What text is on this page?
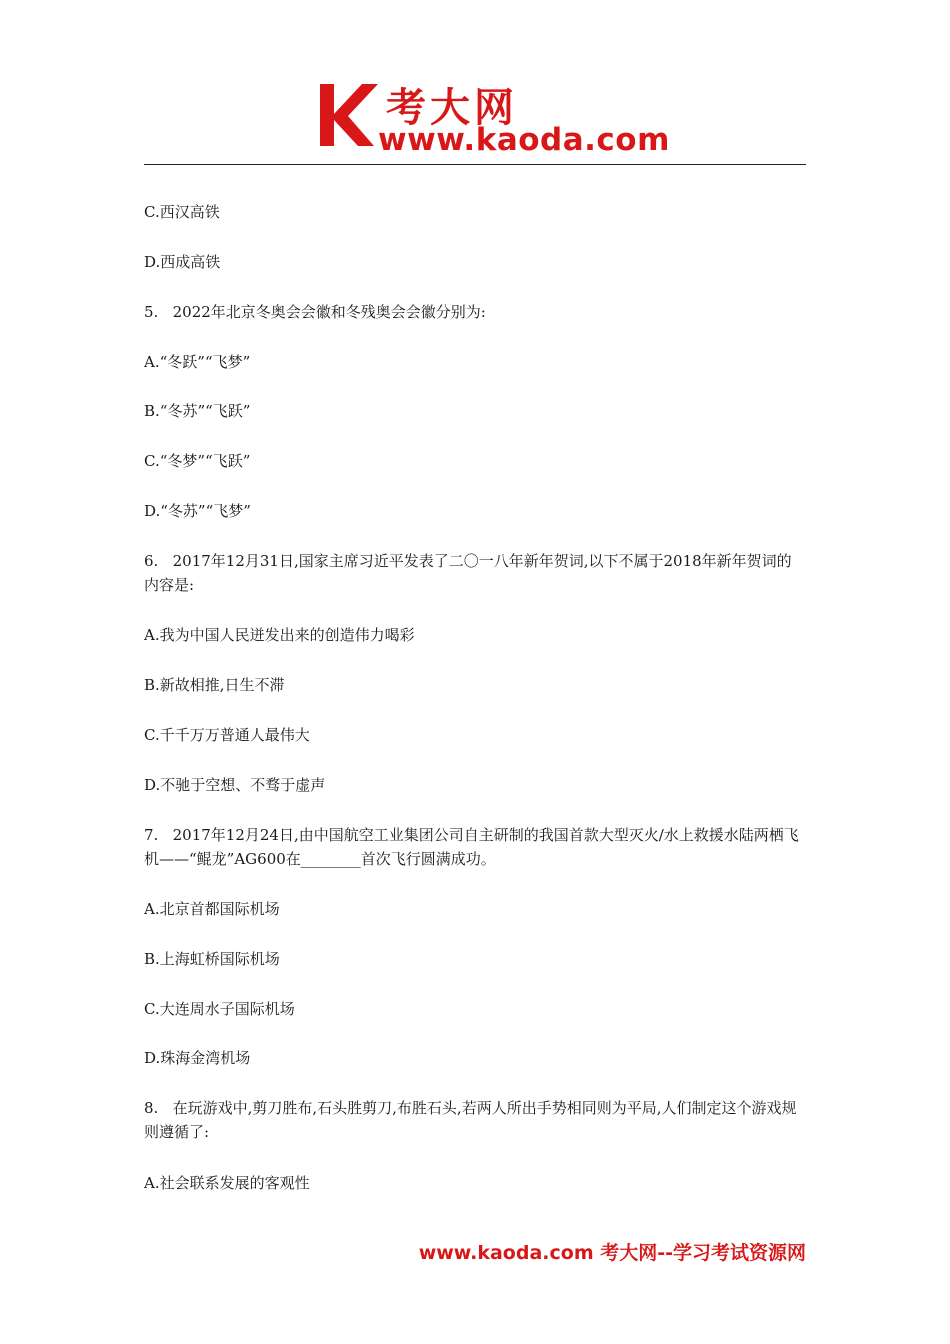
考大网
www.kaoda.com
C.西汉高铁
D.西成高铁
5.   2022年北京冬奥会会徽和冬残奥会会徽分别为:
A.“冬跃”“飞梦”
B.“冬苏”“飞跃”
C.“冬梦”“飞跃”
D.“冬苏”“飞梦”
6.   2017年12月31日,国家主席习近平发表了二〇一八年新年贺词,以下不属于2018年新年贺词的内容是:
A.我为中国人民迸发出来的创造伟力喝彩
B.新故相推,日生不滞
C.千千万万普通人最伟大
D.不驰于空想、不骛于虚声
7.   2017年12月24日,由中国航空工业集团公司自主研制的我国首款大型灭火/水上救援水陆两栖飞机——“鲲龙”AG600在________首次飞行圆满成功。
A.北京首都国际机场
B.上海虹桥国际机场
C.大连周水子国际机场
D.珠海金湾机场
8.   在玩游戏中,剪刀胜布,石头胜剪刀,布胜石头,若两人所出手势相同则为平局,人们制定这个游戏规则遵循了:
A.社会联系发展的客观性
www.kaoda.com 考大网--学习考试资源网
